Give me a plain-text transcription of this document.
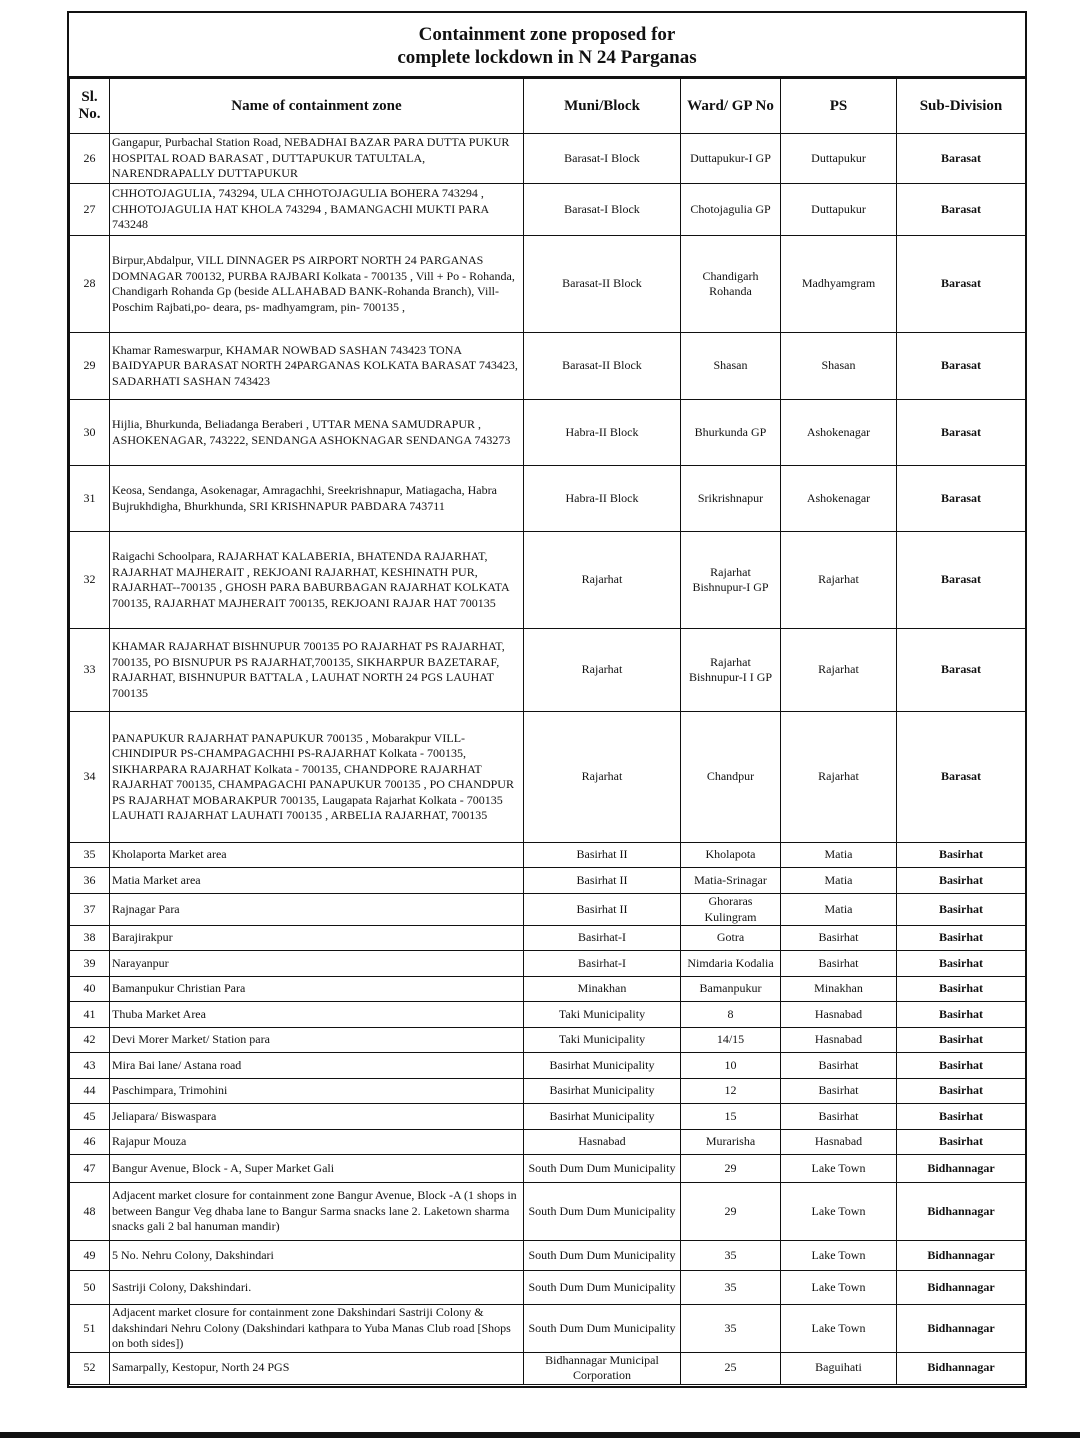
Containment zone proposed for
complete lockdown in N 24 Parganas
Sl. No.	Name of containment zone	Muni/Block	Ward/ GP No	PS	Sub-Division
26	Gangapur, Purbachal Station Road, NEBADHAI BAZAR PARA DUTTA PUKUR HOSPITAL ROAD BARASAT , DUTTAPUKUR TATULTALA, NARENDRAPALLY DUTTAPUKUR	Barasat-I Block	Duttapukur-I GP	Duttapukur	Barasat
27	CHHOTOJAGULIA, 743294, ULA CHHOTOJAGULIA BOHERA 743294 , CHHOTOJAGULIA HAT KHOLA 743294 , BAMANGACHI MUKTI PARA 743248	Barasat-I Block	Chotojagulia GP	Duttapukur	Barasat
28	Birpur,Abdalpur, VILL DINNAGER PS AIRPORT NORTH 24 PARGANAS DOMNAGAR 700132, PURBA RAJBARI Kolkata - 700135 , Vill + Po - Rohanda, Chandigarh Rohanda Gp (beside ALLAHABAD BANK-Rohanda Branch), Vill- Poschim Rajbati,po- deara, ps- madhyamgram, pin- 700135 ,	Barasat-II Block	Chandigarh Rohanda	Madhyamgram	Barasat
29	Khamar Rameswarpur, KHAMAR NOWBAD SASHAN 743423 TONA BAIDYAPUR BARASAT NORTH 24PARGANAS KOLKATA BARASAT 743423, SADARHATI SASHAN 743423	Barasat-II Block	Shasan	Shasan	Barasat
30	Hijlia, Bhurkunda, Beliadanga Beraberi , UTTAR MENA SAMUDRAPUR , ASHOKENAGAR, 743222, SENDANGA ASHOKNAGAR SENDANGA 743273	Habra-II Block	Bhurkunda GP	Ashokenagar	Barasat
31	Keosa, Sendanga, Asokenagar, Amragachhi, Sreekrishnapur, Matiagacha, Habra Bujrukhdigha, Bhurkhunda, SRI KRISHNAPUR PABDARA 743711	Habra-II Block	Srikrishnapur	Ashokenagar	Barasat
32	Raigachi Schoolpara, RAJARHAT KALABERIA, BHATENDA RAJARHAT, RAJARHAT MAJHERAIT , REKJOANI RAJARHAT, KESHINATH PUR, RAJARHAT--700135 , GHOSH PARA BABURBAGAN RAJARHAT KOLKATA 700135, RAJARHAT MAJHERAIT 700135, REKJOANI RAJAR HAT 700135	Rajarhat	Rajarhat Bishnupur-I GP	Rajarhat	Barasat
33	KHAMAR RAJARHAT BISHNUPUR 700135 PO RAJARHAT PS RAJARHAT, 700135, PO BISNUPUR PS RAJARHAT,700135, SIKHARPUR BAZETARAF, RAJARHAT, BISHNUPUR BATTALA , LAUHAT NORTH 24 PGS LAUHAT 700135	Rajarhat	Rajarhat Bishnupur-I I GP	Rajarhat	Barasat
34	PANAPUKUR RAJARHAT PANAPUKUR 700135 , Mobarakpur VILL-CHINDIPUR PS-CHAMPAGACHHI PS-RAJARHAT Kolkata - 700135, SIKHARPARA RAJARHAT Kolkata - 700135, CHANDPORE RAJARHAT RAJARHAT 700135, CHAMPAGACHI PANAPUKUR 700135 , PO CHANDPUR PS RAJARHAT MOBARAKPUR 700135, Laugapata Rajarhat Kolkata - 700135 LAUHATI RAJARHAT LAUHATI 700135 , ARBELIA RAJARHAT, 700135	Rajarhat	Chandpur	Rajarhat	Barasat
35	Kholaporta Market area	Basirhat II	Kholapota	Matia	Basirhat
36	Matia Market area	Basirhat II	Matia-Srinagar	Matia	Basirhat
37	Rajnagar Para	Basirhat II	Ghoraras Kulingram	Matia	Basirhat
38	Barajirakpur	Basirhat-I	Gotra	Basirhat	Basirhat
39	Narayanpur	Basirhat-I	Nimdaria Kodalia	Basirhat	Basirhat
40	Bamanpukur Christian Para	Minakhan	Bamanpukur	Minakhan	Basirhat
41	Thuba Market Area	Taki Municipality	8	Hasnabad	Basirhat
42	Devi Morer Market/ Station para	Taki Municipality	14/15	Hasnabad	Basirhat
43	Mira Bai lane/ Astana road	Basirhat Municipality	10	Basirhat	Basirhat
44	Paschimpara, Trimohini	Basirhat Municipality	12	Basirhat	Basirhat
45	Jeliapara/ Biswaspara	Basirhat Municipality	15	Basirhat	Basirhat
46	Rajapur Mouza	Hasnabad	Murarisha	Hasnabad	Basirhat
47	Bangur Avenue, Block - A, Super Market Gali	South Dum Dum Municipality	29	Lake Town	Bidhannagar
48	Adjacent market closure for containment zone Bangur Avenue, Block -A (1 shops in between Bangur Veg dhaba lane to Bangur Sarma snacks lane 2. Laketown sharma snacks gali 2 bal hanuman mandir)	South Dum Dum Municipality	29	Lake Town	Bidhannagar
49	5 No. Nehru Colony, Dakshindari	South Dum Dum Municipality	35	Lake Town	Bidhannagar
50	Sastriji Colony, Dakshindari.	South Dum Dum Municipality	35	Lake Town	Bidhannagar
51	Adjacent market closure for containment zone Dakshindari Sastriji Colony & dakshindari Nehru Colony (Dakshindari kathpara to Yuba Manas Club road [Shops on both sides])	South Dum Dum Municipality	35	Lake Town	Bidhannagar
52	Samarpally, Kestopur, North 24 PGS	Bidhannagar Municipal Corporation	25	Baguihati	Bidhannagar
